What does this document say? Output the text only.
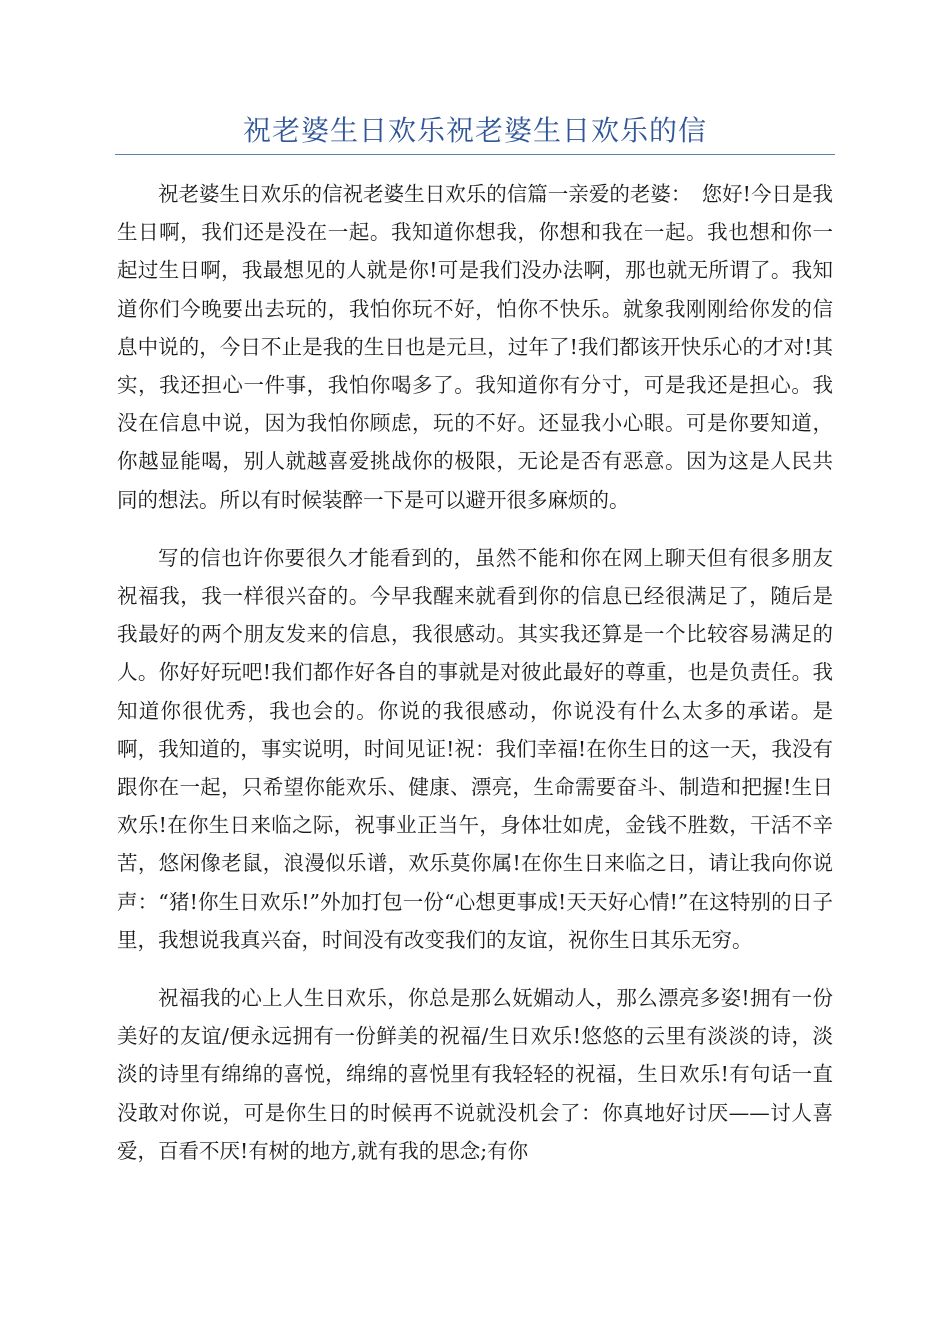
祝老婆生日欢乐祝老婆生日欢乐的信

祝老婆生日欢乐的信祝老婆生日欢乐的信篇一亲爱的老婆：　您好!今日是我生日啊，我们还是没在一起。我知道你想我，你想和我在一起。我也想和你一起过生日啊，我最想见的人就是你!可是我们没办法啊，那也就无所谓了。我知道你们今晚要出去玩的，我怕你玩不好，怕你不快乐。就象我刚刚给你发的信息中说的，今日不止是我的生日也是元旦，过年了!我们都该开快乐心的才对!其实，我还担心一件事，我怕你喝多了。我知道你有分寸，可是我还是担心。我没在信息中说，因为我怕你顾虑，玩的不好。还显我小心眼。可是你要知道，你越显能喝，别人就越喜爱挑战你的极限，无论是否有恶意。因为这是人民共同的想法。所以有时候装醉一下是可以避开很多麻烦的。

写的信也许你要很久才能看到的，虽然不能和你在网上聊天但有很多朋友祝福我，我一样很兴奋的。今早我醒来就看到你的信息已经很满足了，随后是我最好的两个朋友发来的信息，我很感动。其实我还算是一个比较容易满足的人。你好好玩吧!我们都作好各自的事就是对彼此最好的尊重，也是负责任。我知道你很优秀，我也会的。你说的我很感动，你说没有什么太多的承诺。是啊，我知道的，事实说明，时间见证!祝：我们幸福!在你生日的这一天，我没有跟你在一起，只希望你能欢乐、健康、漂亮，生命需要奋斗、制造和把握!生日欢乐!在你生日来临之际，祝事业正当午，身体壮如虎，金钱不胜数，干活不辛苦，悠闲像老鼠，浪漫似乐谱，欢乐莫你属!在你生日来临之日，请让我向你说声：“猪!你生日欢乐!”外加打包一份“心想更事成!天天好心情!”在这特别的日子里，我想说我真兴奋，时间没有改变我们的友谊，祝你生日其乐无穷。

祝福我的心上人生日欢乐，你总是那么妩媚动人，那么漂亮多姿!拥有一份美好的友谊/便永远拥有一份鲜美的祝福/生日欢乐!悠悠的云里有淡淡的诗，淡淡的诗里有绵绵的喜悦，绵绵的喜悦里有我轻轻的祝福，生日欢乐!有句话一直没敢对你说，可是你生日的时候再不说就没机会了：你真地好讨厌——讨人喜爱，百看不厌!有树的地方,就有我的思念;有你
